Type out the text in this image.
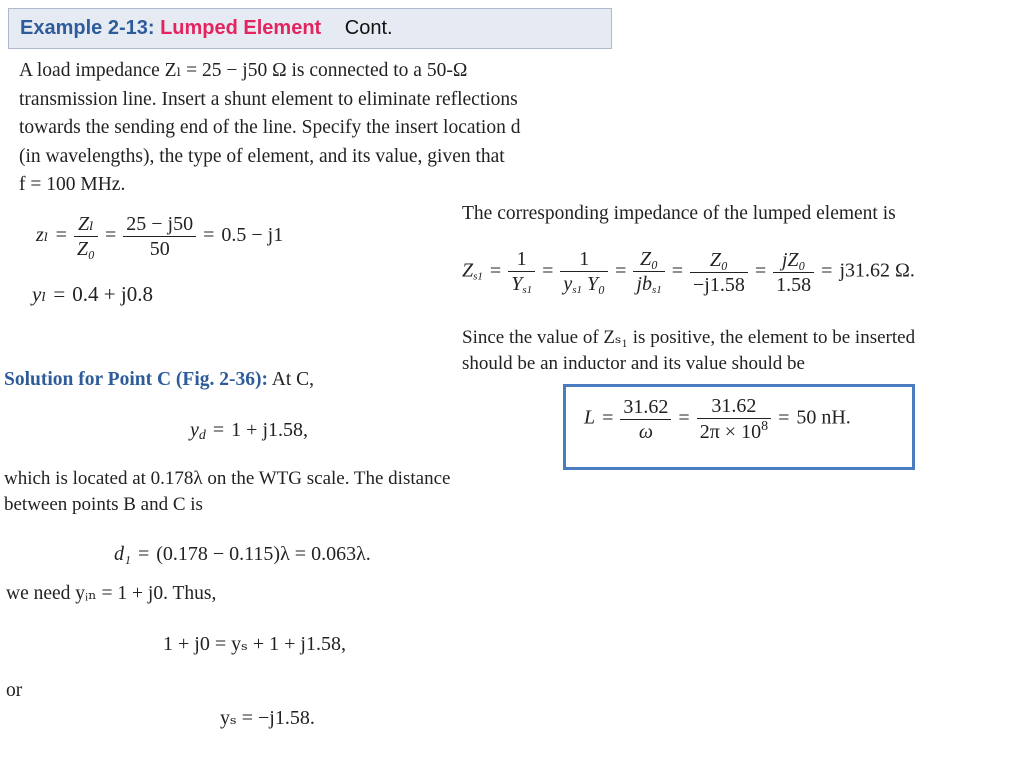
Example 2-13: Lumped Element Cont.
A load impedance Zₗ = 25 − j50 Ω is connected to a 50-Ω
transmission line. Insert a shunt element to eliminate reflections
towards the sending end of the line. Specify the insert location d
(in wavelengths), the type of element, and its value, given that
f = 100 MHz.
$z_l = \frac{\text{Zₗ}}{\text{Z₀}} = \frac{25 - j50}{50} = 0.5 - j1$
yₗ = 0.4 + j0.8
Solution for Point C (Fig. 2-36): At C,
$y_d = 1 + j1.58$,
which is located at 0.178λ on the WTG scale. The distance
between points B and C is
d₁ = (0.178 − 0.115)λ = 0.063λ.
we need yᵢₙ = 1 + j0. Thus,
1 + j0 = yₛ + 1 + j1.58,
or
yₛ = −j1.58.
The corresponding impedance of the lumped element is
$Zs1 = \frac{1}{Ys1} = \frac{1}{\text{ys1 Y₀}} = \frac{\text{Z₀}}{\text{jbs1}} = \frac{\text{Z₀}}{-j1.58} = \frac{\text{jZ₀}}{1.58} = j31.62$ Ω.
Since the value of Zₛ₁ is positive, the element to be inserted
should be an inductor and its value should be
$L = \frac{31.62}{\omega} = \frac{31.62}{2\pi \times 10^8} = 50$ nH.
